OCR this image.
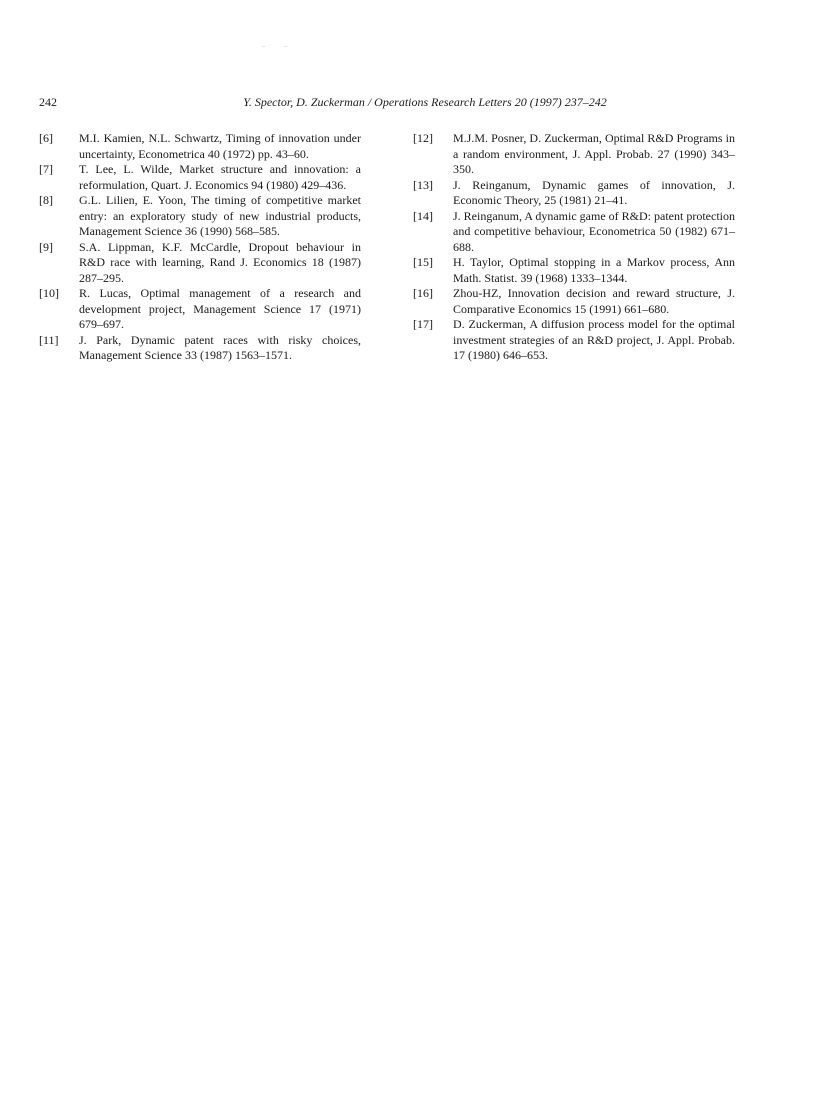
242	Y. Spector, D. Zuckerman / Operations Research Letters 20 (1997) 237–242
[6]	M.I. Kamien, N.L. Schwartz, Timing of innovation under uncertainty, Econometrica 40 (1972) pp. 43–60.
[7]	T. Lee, L. Wilde, Market structure and innovation: a reformulation, Quart. J. Economics 94 (1980) 429–436.
[8]	G.L. Lilien, E. Yoon, The timing of competitive market entry: an exploratory study of new industrial products, Management Science 36 (1990) 568–585.
[9]	S.A. Lippman, K.F. McCardle, Dropout behaviour in R&D race with learning, Rand J. Economics 18 (1987) 287–295.
[10]	R. Lucas, Optimal management of a research and development project, Management Science 17 (1971) 679–697.
[11]	J. Park, Dynamic patent races with risky choices, Management Science 33 (1987) 1563–1571.
[12]	M.J.M. Posner, D. Zuckerman, Optimal R&D Programs in a random environment, J. Appl. Probab. 27 (1990) 343–350.
[13]	J. Reinganum, Dynamic games of innovation, J. Economic Theory, 25 (1981) 21–41.
[14]	J. Reinganum, A dynamic game of R&D: patent protection and competitive behaviour, Econometrica 50 (1982) 671–688.
[15]	H. Taylor, Optimal stopping in a Markov process, Ann Math. Statist. 39 (1968) 1333–1344.
[16]	Zhou-HZ, Innovation decision and reward structure, J. Comparative Economics 15 (1991) 661–680.
[17]	D. Zuckerman, A diffusion process model for the optimal investment strategies of an R&D project, J. Appl. Probab. 17 (1980) 646–653.
